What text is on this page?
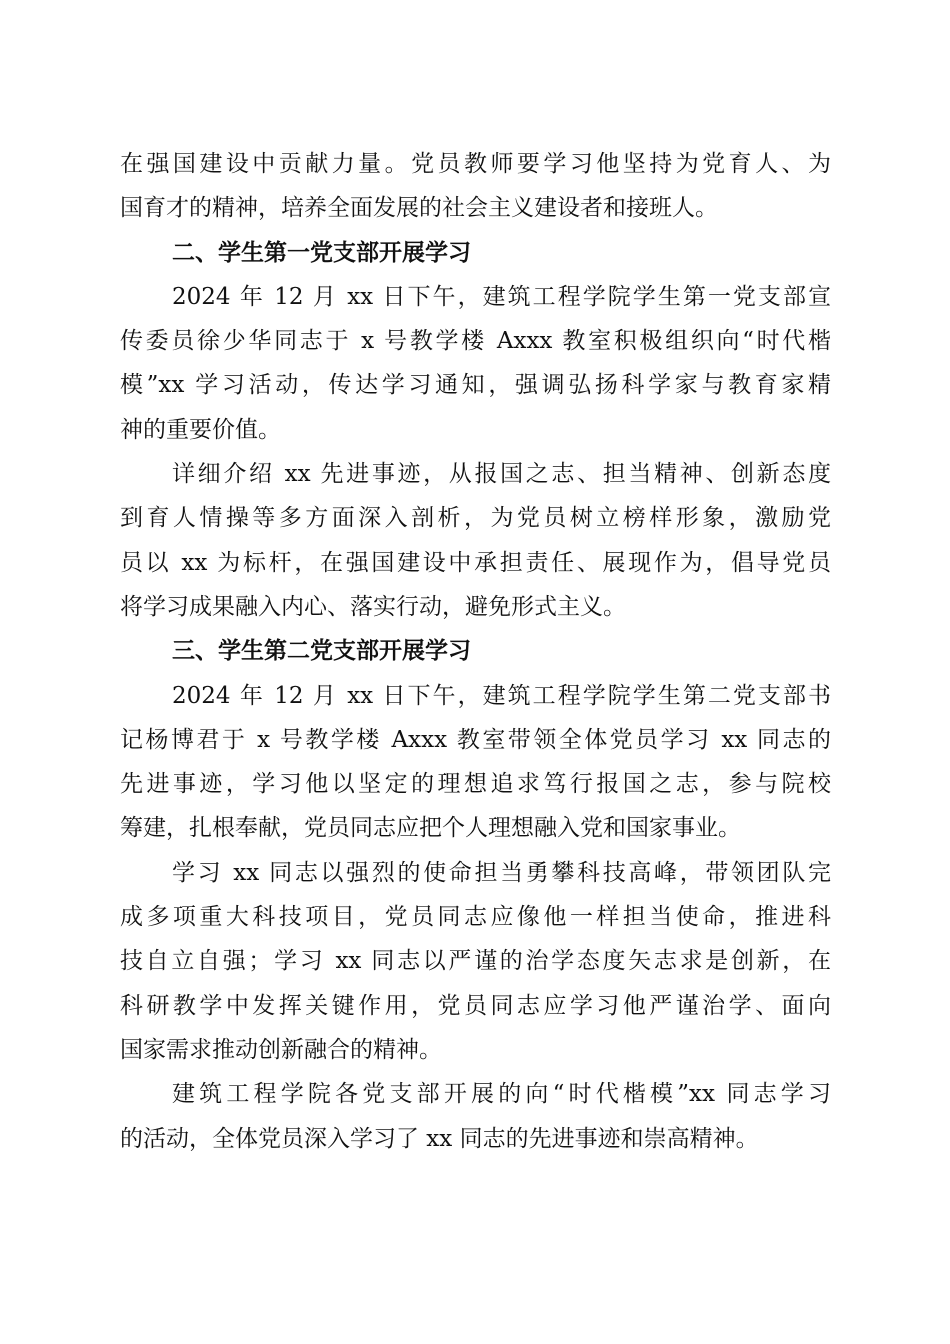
在强国建设中贡献力量。党员教师要学习他坚持为党育人、为
国育才的精神，培养全面发展的社会主义建设者和接班人。
二、学生第一党支部开展学习
2024 年 12 月 xx 日下午，建筑工程学院学生第一党支部宣
传委员徐少华同志于 x 号教学楼 Axxx 教室积极组织向“时代楷
模”xx 学习活动，传达学习通知，强调弘扬科学家与教育家精
神的重要价值。
详细介绍 xx 先进事迹，从报国之志、担当精神、创新态度
到育人情操等多方面深入剖析，为党员树立榜样形象，激励党
员以 xx 为标杆，在强国建设中承担责任、展现作为，倡导党员
将学习成果融入内心、落实行动，避免形式主义。
三、学生第二党支部开展学习
2024 年 12 月 xx 日下午，建筑工程学院学生第二党支部书
记杨博君于 x 号教学楼 Axxx 教室带领全体党员学习 xx 同志的
先进事迹，学习他以坚定的理想追求笃行报国之志，参与院校
筹建，扎根奉献，党员同志应把个人理想融入党和国家事业。
学习 xx 同志以强烈的使命担当勇攀科技高峰，带领团队完
成多项重大科技项目，党员同志应像他一样担当使命，推进科
技自立自强；学习 xx 同志以严谨的治学态度矢志求是创新，在
科研教学中发挥关键作用，党员同志应学习他严谨治学、面向
国家需求推动创新融合的精神。
建筑工程学院各党支部开展的向“时代楷模”xx 同志学习
的活动，全体党员深入学习了 xx 同志的先进事迹和崇高精神。
